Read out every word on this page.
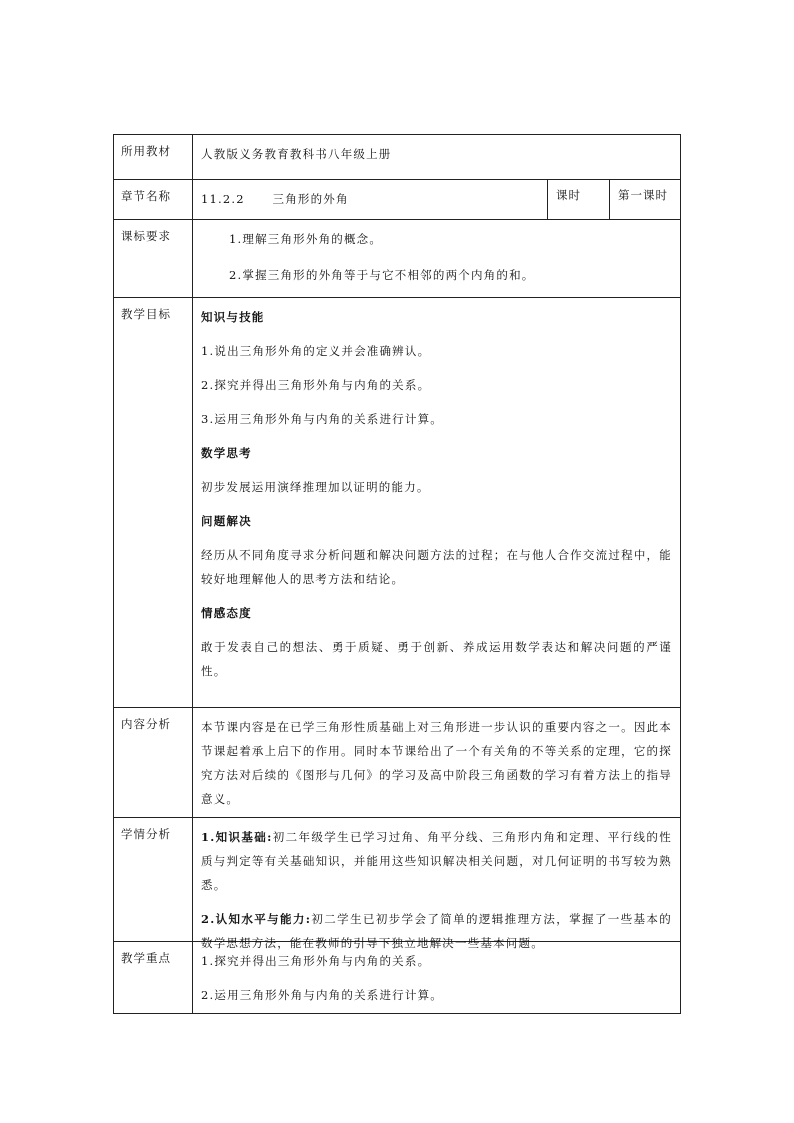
所用教材	人教版义务教育教科书八年级上册

章节名称	11.2.2 三角形的外角	课时	第一课时
课标要求	1.理解三角形外角的概念。

2.掌握三角形的外角等于与它不相邻的两个内角的和。

教学目标	知识与技能

1.说出三角形外角的定义并会准确辨认。

2.探究并得出三角形外角与内角的关系。

3.运用三角形外角与内角的关系进行计算。

数学思考

初步发展运用演绎推理加以证明的能力。

问题解决

经历从不同角度寻求分析问题和解决问题方法的过程；在与他人合作交流过程中，能较好地理解他人的思考方法和结论。

情感态度

敢于发表自己的想法、勇于质疑、勇于创新、养成运用数学表达和解决问题的严谨性。

内容分析	本节课内容是在已学三角形性质基础上对三角形进一步认识的重要内容之一。因此本节课起着承上启下的作用。同时本节课给出了一个有关角的不等关系的定理，它的探究方法对后续的《图形与几何》的学习及高中阶段三角函数的学习有着方法上的指导意义。

学情分析	1.知识基础:初二年级学生已学习过角、角平分线、三角形内角和定理、平行线的性质与判定等有关基础知识，并能用这些知识解决相关问题，对几何证明的书写较为熟悉。

2.认知水平与能力:初二学生已初步学会了简单的逻辑推理方法，掌握了一些基本的数学思想方法，能在教师的引导下独立地解决一些基本问题。

教学重点	1.探究并得出三角形外角与内角的关系。

2.运用三角形外角与内角的关系进行计算。
